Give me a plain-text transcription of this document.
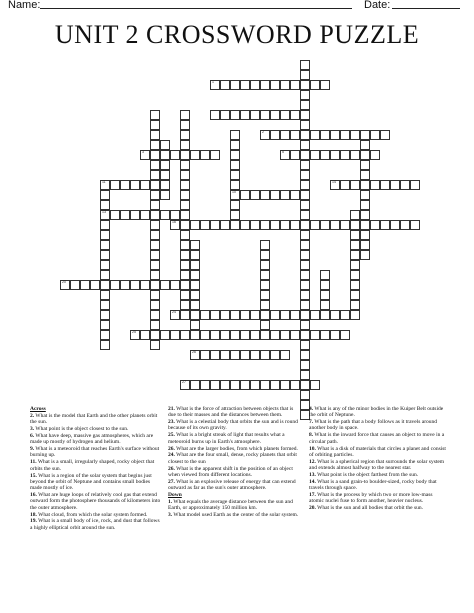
Name:	Date:
UNIT 2 CROSSWORD PUZZLE
1
2
10
3	5
14
11
13
16
20
24
25
26
27
Across
2. What is the model that Earth and the other planets orbit the sun.
3. What point is the object closest to the sun.
6. What have deep, massive gas atmospheres, which are made up mostly of hydrogen and helium.
9. What is a meteoroid that reaches Earth's surface without burning up.
11. What is a small, irregularly shaped, rocky object that orbits the sun.
15. What is a region of the solar system that begins just beyond the orbit of Neptune and contains small bodies made mostly of ice.
16. What are huge loops of relatively cool gas that extend outward form the photosphere thousands of kilometers into the outer atmosphere.
18. What cloud, from which the solar system formed.
19. What is a small body of ice, rock, and dust that follows a highly elliptical orbit around the sun.
21. What is the force of attraction between objects that is due to their masses and the distances between them.
23. What is a celestial body that orbits the sun and is round because of its own gravity.
25. What is a bright streak of light that results what a meteoroid burns up in Earth's atmosphere.
26. What are the larger bodies, from which planets formed.
24. What are the four small, dense, rocky planets that orbit closest to the sun
26. What is the apparent shift in the position of an object when viewed from different locations.
27. What is an explosive release of energy that can extend outward as far as the sun's outer atmosphere.
Down
1. What equals the average distance between the sun and Earth, or approximately 150 million km.
3. What model used Earth as the center of the solar system.
4. What is any of the minor bodies in the Kuiper Belt outside the orbit of Neptune.
7. What is the path that a body follows as it travels around another body in space.
8. What is the inward force that causes an object to move in a circular path.
10. What is a disk of materials that circles a planet and consist of orbiting particles.
12. What is a spherical region that surrounds the solar system and extends almost halfway to the nearest star.
13. What point is the object farthest from the sun.
14. What is a sand grain-to boulder-sized, rocky body that travels through space.
17. What is the process by which two or more low-mass atomic nuclei fuse to form another, heavier nucleus.
20. What is the sun and all bodies that orbit the sun.
